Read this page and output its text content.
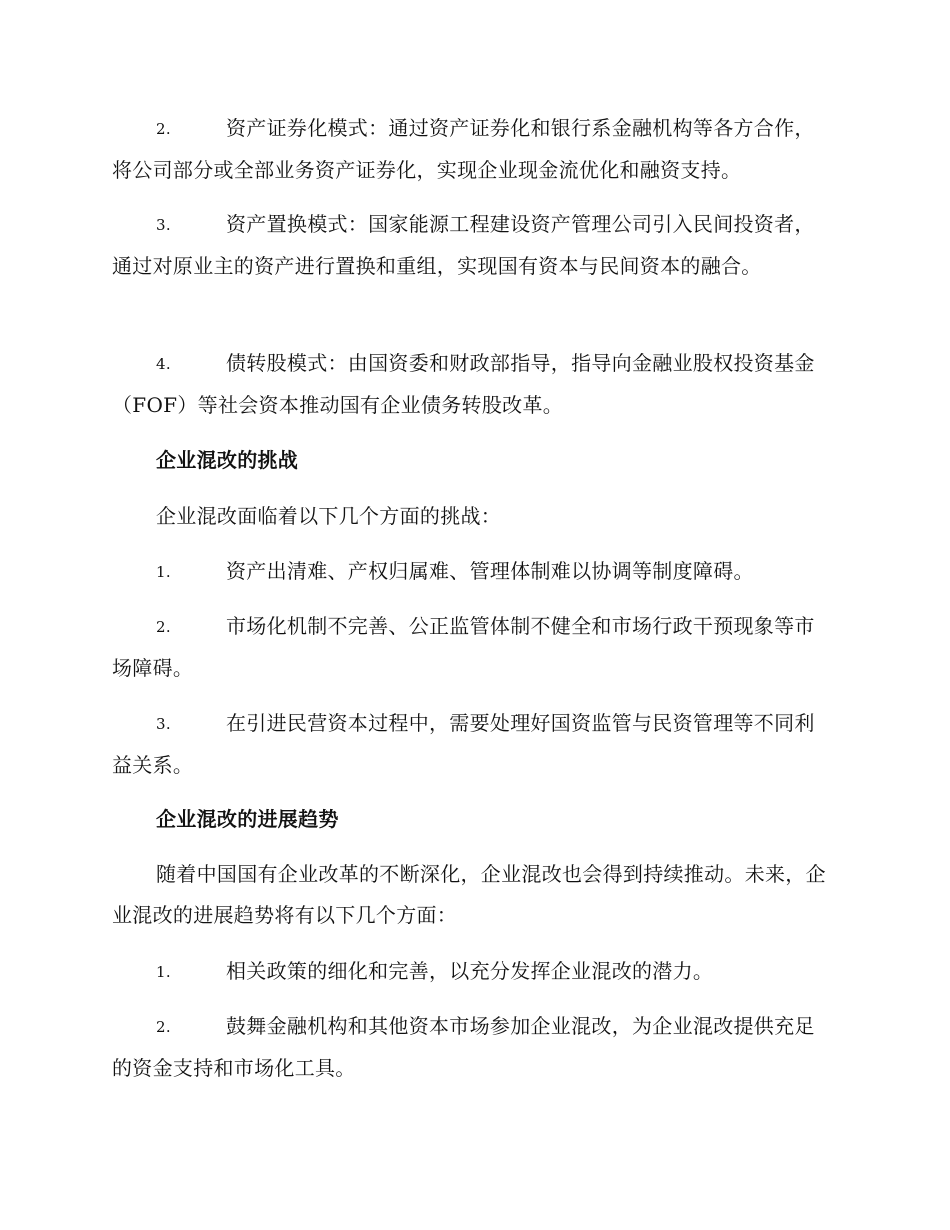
2.	资产证券化模式：通过资产证券化和银行系金融机构等各方合作，将公司部分或全部业务资产证券化，实现企业现金流优化和融资支持。
3.	资产置换模式：国家能源工程建设资产管理公司引入民间投资者，通过对原业主的资产进行置换和重组，实现国有资本与民间资本的融合。
4.	债转股模式：由国资委和财政部指导，指导向金融业股权投资基金（FOF）等社会资本推动国有企业债务转股改革。
企业混改的挑战
企业混改面临着以下几个方面的挑战：
1.	资产出清难、产权归属难、管理体制难以协调等制度障碍。
2.	市场化机制不完善、公正监管体制不健全和市场行政干预现象等市场障碍。
3.	在引进民营资本过程中，需要处理好国资监管与民资管理等不同利益关系。
企业混改的进展趋势
随着中国国有企业改革的不断深化，企业混改也会得到持续推动。未来，企业混改的进展趋势将有以下几个方面：
1.	相关政策的细化和完善，以充分发挥企业混改的潜力。
2.	鼓舞金融机构和其他资本市场参加企业混改，为企业混改提供充足的资金支持和市场化工具。
